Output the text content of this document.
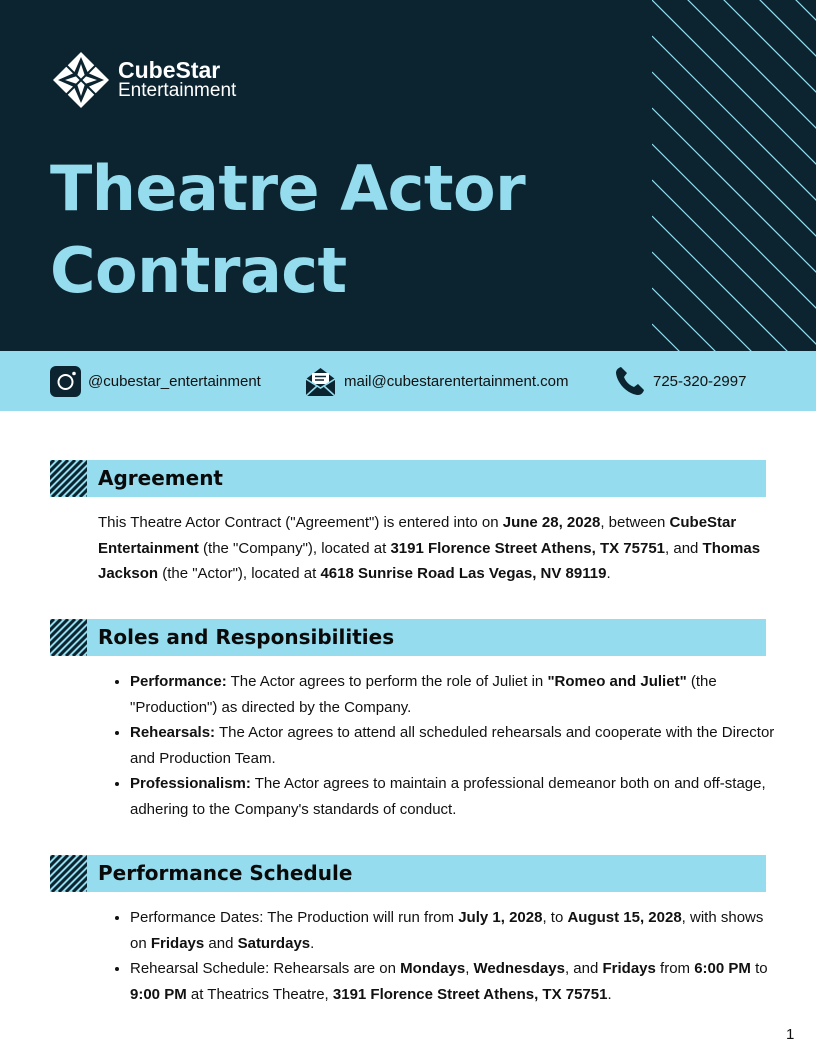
CubeStar
Entertainment
Theatre Actor
Contract
@cubestar_entertainment	mail@cubestarentertainment.com	725-320-2997
Agreement

This Theatre Actor Contract ("Agreement") is entered into on June 28, 2028, between CubeStar Entertainment (the "Company"), located at 3191 Florence Street Athens, TX 75751, and Thomas Jackson (the "Actor"), located at 4618 Sunrise Road Las Vegas, NV 89119.

Roles and Responsibilities
• Performance: The Actor agrees to perform the role of Juliet in "Romeo and Juliet" (the "Production") as directed by the Company.
• Rehearsals: The Actor agrees to attend all scheduled rehearsals and cooperate with the Director and Production Team.
• Professionalism: The Actor agrees to maintain a professional demeanor both on and off-stage, adhering to the Company's standards of conduct.
Performance Schedule
• Performance Dates: The Production will run from July 1, 2028, to August 15, 2028, with shows on Fridays and Saturdays.
• Rehearsal Schedule: Rehearsals are on Mondays, Wednesdays, and Fridays from 6:00 PM to 9:00 PM at Theatrics Theatre, 3191 Florence Street Athens, TX 75751.
1
